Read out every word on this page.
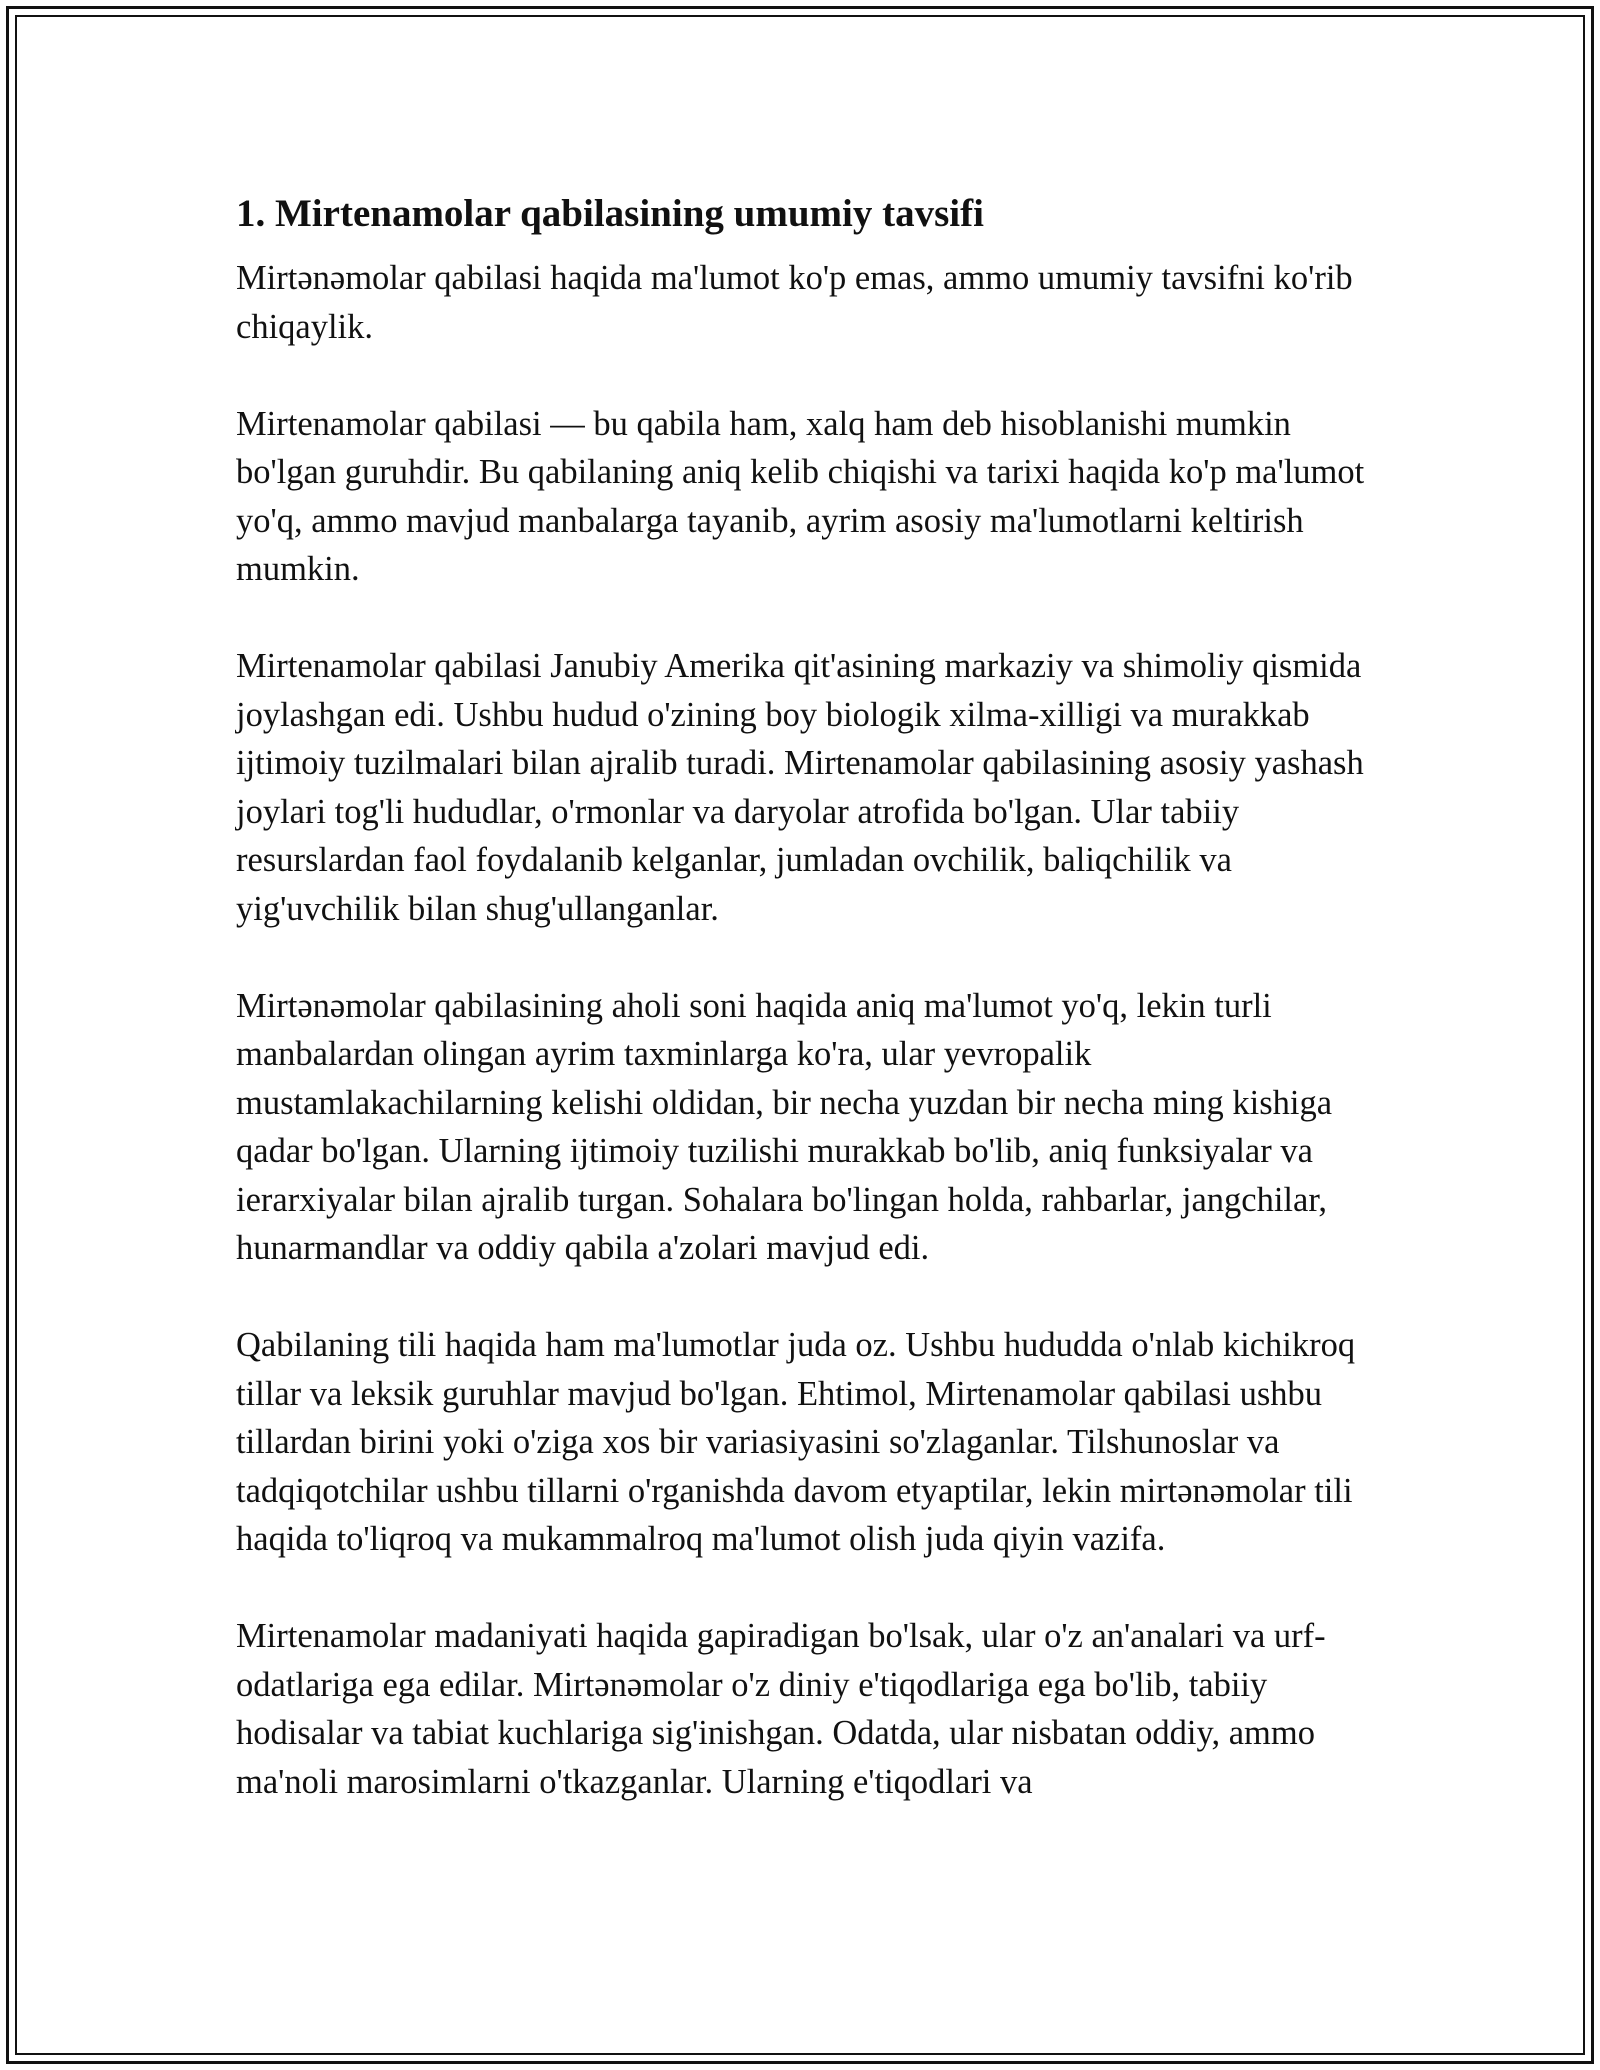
1. Mirtenamolar qabilasining umumiy tavsifi

Mirtənəmolar qabilasi haqida ma'lumot ko'p emas, ammo umumiy tavsifni ko'rib chiqaylik.

Mirtenamolar qabilasi — bu qabila ham, xalq ham deb hisoblanishi mumkin bo'lgan guruhdir. Bu qabilaning aniq kelib chiqishi va tarixi haqida ko'p ma'lumot yo'q, ammo mavjud manbalarga tayanib, ayrim asosiy ma'lumotlarni keltirish mumkin.

Mirtenamolar qabilasi Janubiy Amerika qit'asining markaziy va shimoliy qismida joylashgan edi. Ushbu hudud o'zining boy biologik xilma-xilligi va murakkab ijtimoiy tuzilmalari bilan ajralib turadi. Mirtenamolar qabilasining asosiy yashash joylari tog'li hududlar, o'rmonlar va daryolar atrofida bo'lgan. Ular tabiiy resurslardan faol foydalanib kelganlar, jumladan ovchilik, baliqchilik va yig'uvchilik bilan shug'ullanganlar.

Mirtənəmolar qabilasining aholi soni haqida aniq ma'lumot yo'q, lekin turli manbalardan olingan ayrim taxminlarga ko'ra, ular yevropalik mustamlakachilarning kelishi oldidan, bir necha yuzdan bir necha ming kishiga qadar bo'lgan. Ularning ijtimoiy tuzilishi murakkab bo'lib, aniq funksiyalar va ierarxiyalar bilan ajralib turgan. Sohalara bo'lingan holda, rahbarlar, jangchilar, hunarmandlar va oddiy qabila a'zolari mavjud edi.

Qabilaning tili haqida ham ma'lumotlar juda oz. Ushbu hududda o'nlab kichikroq tillar va leksik guruhlar mavjud bo'lgan. Ehtimol, Mirtenamolar qabilasi ushbu tillardan birini yoki o'ziga xos bir variasiyasini so'zlaganlar. Tilshunoslar va tadqiqotchilar ushbu tillarni o'rganishda davom etyaptilar, lekin mirtənəmolar tili haqida to'liqroq va mukammalroq ma'lumot olish juda qiyin vazifa.

Mirtenamolar madaniyati haqida gapiradigan bo'lsak, ular o'z an'analari va urf-odatlariga ega edilar. Mirtənəmolar o'z diniy e'tiqodlariga ega bo'lib, tabiiy hodisalar va tabiat kuchlariga sig'inishgan. Odatda, ular nisbatan oddiy, ammo ma'noli marosimlarni o'tkazganlar. Ularning e'tiqodlari va
